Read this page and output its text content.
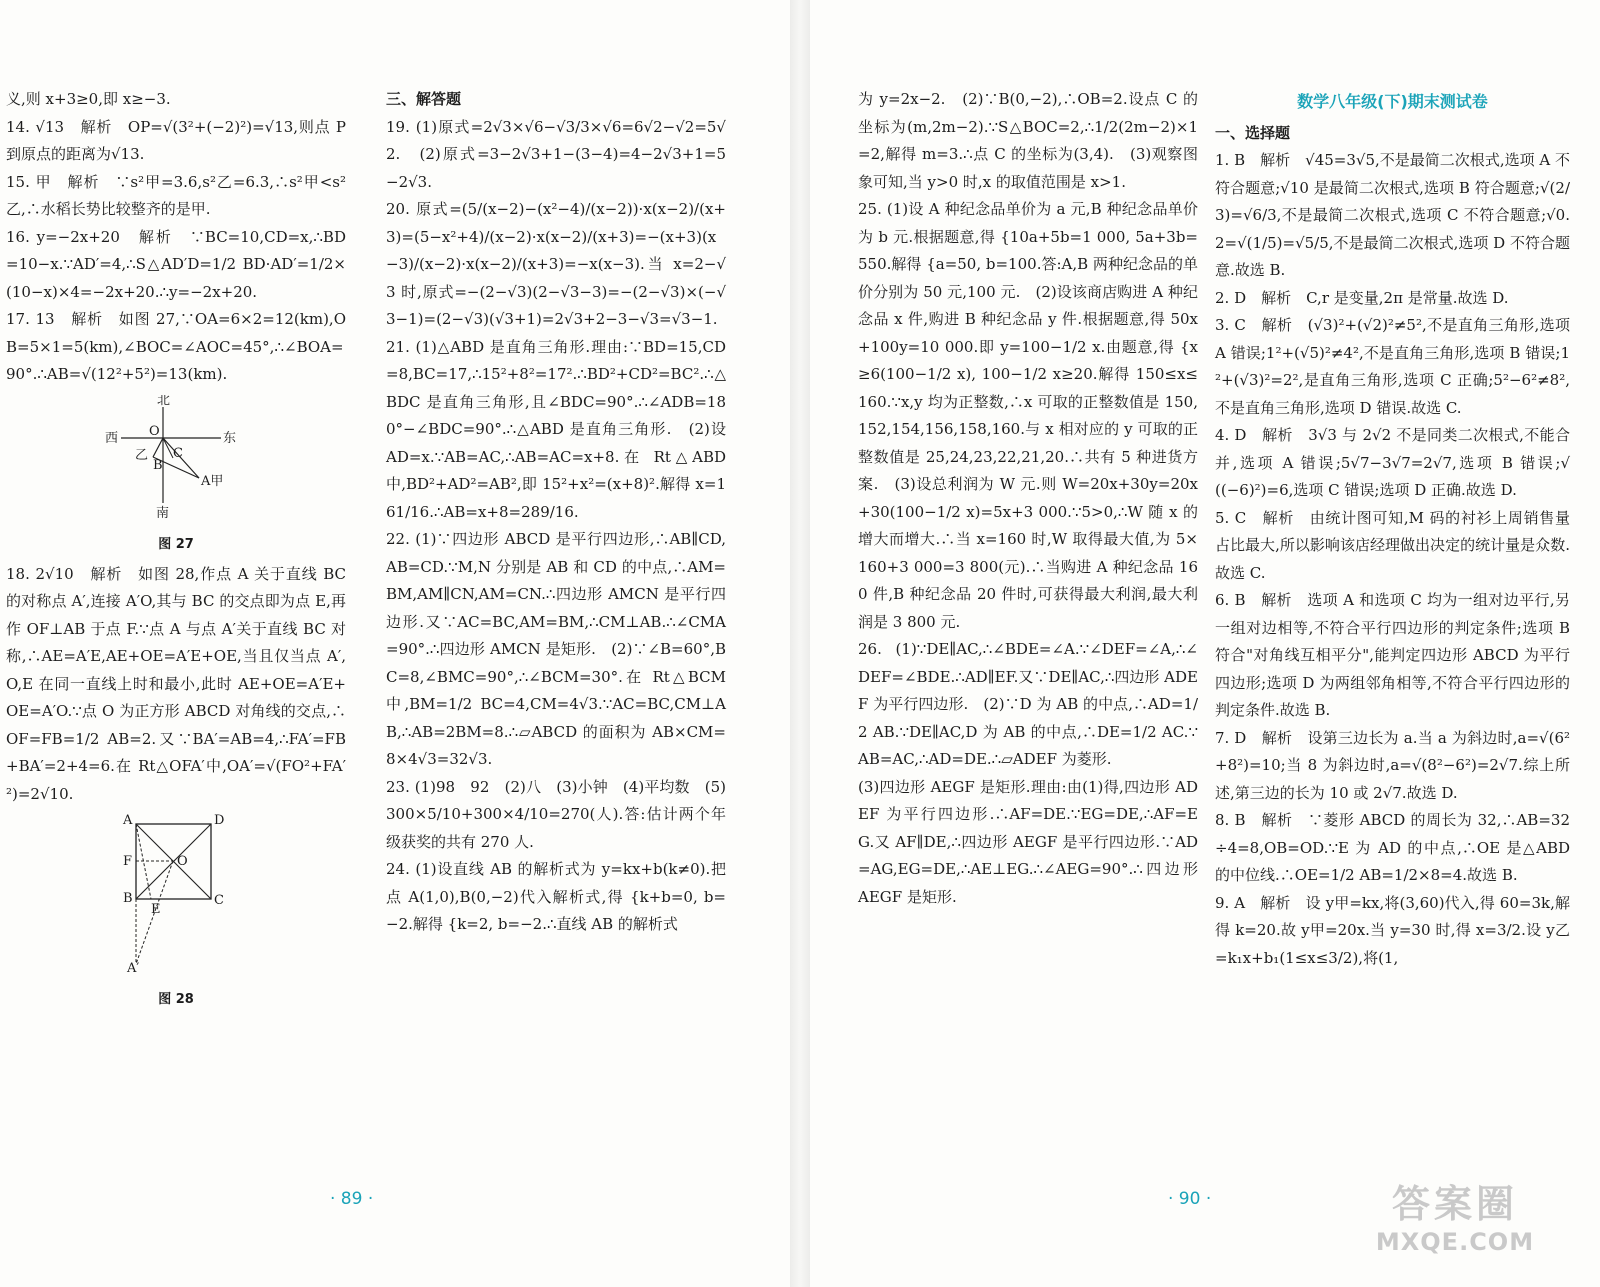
义,则 x+3≥0,即 x≥−3.

14. √13　解析　OP=√(3²+(−2)²)=√13,则点 P 到原点的距离为√13.

15. 甲　解析　∵s²甲=3.6,s²乙=6.3,∴s²甲<s²乙,∴水稻长势比较整齐的是甲.

16. y=−2x+20　解析　∵BC=10,CD=x,∴BD=10−x.∵AD′=4,∴S△AD′D=1/2 BD·AD′=1/2×(10−x)×4=−2x+20.∴y=−2x+20.

17. 13　解析　如图 27,∵OA=6×2=12(km),OB=5×1=5(km),∠BOC=∠AOC=45°,∴∠BOA=90°.∴AB=√(12²+5²)=13(km).

北
南
东
西 O
B
C
乙
A甲
图 27

18. 2√10　解析　如图 28,作点 A 关于直线 BC 的对称点 A′,连接 A′O,其与 BC 的交点即为点 E,再作 OF⊥AB 于点 F.∵点 A 与点 A′关于直线 BC 对称,∴AE=A′E,AE+OE=A′E+OE,当且仅当点 A′,O,E 在同一直线上时和最小,此时 AE+OE=A′E+OE=A′O.∵点 O 为正方形 ABCD 对角线的交点,∴OF=FB=1/2 AB=2.又∵BA′=AB=4,∴FA′=FB+BA′=2+4=6.在 Rt△OFA′中,OA′=√(FO²+FA′²)=2√10.

A	D
B	C
F	O
E
A′
图 28

三、解答题

19. (1)原式=2√3×√6−√3/3×√6=6√2−√2=5√2.　(2)原式=3−2√3+1−(3−4)=4−2√3+1=5−2√3.

20. 原式=(5/(x−2)−(x²−4)/(x−2))·x(x−2)/(x+3)=(5−x²+4)/(x−2)·x(x−2)/(x+3)=−(x+3)(x−3)/(x−2)·x(x−2)/(x+3)=−x(x−3).当 x=2−√3 时,原式=−(2−√3)(2−√3−3)=−(2−√3)×(−√3−1)=(2−√3)(√3+1)=2√3+2−3−√3=√3−1.

21. (1)△ABD 是直角三角形.理由:∵BD=15,CD=8,BC=17,∴15²+8²=17².∴BD²+CD²=BC².∴△BDC 是直角三角形,且∠BDC=90°.∴∠ADB=180°−∠BDC=90°.∴△ABD 是直角三角形.　(2)设 AD=x.∵AB=AC,∴AB=AC=x+8.在 Rt△ABD 中,BD²+AD²=AB²,即 15²+x²=(x+8)².解得 x=161/16.∴AB=x+8=289/16.

22. (1)∵四边形 ABCD 是平行四边形,∴AB∥CD,AB=CD.∵M,N 分别是 AB 和 CD 的中点,∴AM=BM,AM∥CN,AM=CN.∴四边形 AMCN 是平行四边形.又∵AC=BC,AM=BM,∴CM⊥AB.∴∠CMA=90°.∴四边形 AMCN 是矩形.　(2)∵∠B=60°,BC=8,∠BMC=90°,∴∠BCM=30°.在 Rt△BCM 中,BM=1/2 BC=4,CM=4√3.∵AC=BC,CM⊥AB,∴AB=2BM=8.∴▱ABCD 的面积为 AB×CM=8×4√3=32√3.

23. (1)98　92　(2)八　(3)小钟　(4)平均数　(5)300×5/10+300×4/10=270(人).答:估计两个年级获奖的共有 270 人.

24. (1)设直线 AB 的解析式为 y=kx+b(k≠0).把点 A(1,0),B(0,−2)代入解析式,得 {k+b=0, b=−2.解得 {k=2, b=−2.∴直线 AB 的解析式

· 89 ·

为 y=2x−2.　(2)∵B(0,−2),∴OB=2.设点 C 的坐标为(m,2m−2).∵S△BOC=2,∴1/2(2m−2)×1=2,解得 m=3.∴点 C 的坐标为(3,4).　(3)观察图象可知,当 y>0 时,x 的取值范围是 x>1.

25. (1)设 A 种纪念品单价为 a 元,B 种纪念品单价为 b 元.根据题意,得 {10a+5b=1 000, 5a+3b=550.解得 {a=50, b=100.答:A,B 两种纪念品的单价分别为 50 元,100 元.　(2)设该商店购进 A 种纪念品 x 件,购进 B 种纪念品 y 件.根据题意,得 50x+100y=10 000.即 y=100−1/2 x.由题意,得 {x≥6(100−1/2 x), 100−1/2 x≥20.解得 150≤x≤160.∵x,y 均为正整数,∴x 可取的正整数值是 150,152,154,156,158,160.与 x 相对应的 y 可取的正整数值是 25,24,23,22,21,20.∴共有 5 种进货方案.　(3)设总利润为 W 元.则 W=20x+30y=20x+30(100−1/2 x)=5x+3 000.∵5>0,∴W 随 x 的增大而增大.∴当 x=160 时,W 取得最大值,为 5×160+3 000=3 800(元).∴当购进 A 种纪念品 160 件,B 种纪念品 20 件时,可获得最大利润,最大利润是 3 800 元.

26. (1)∵DE∥AC,∴∠BDE=∠A.∵∠DEF=∠A,∴∠DEF=∠BDE.∴AD∥EF.又∵DE∥AC,∴四边形 ADEF 为平行四边形.　(2)∵D 为 AB 的中点,∴AD=1/2 AB.∵DE∥AC,D 为 AB 的中点,∴DE=1/2 AC.∵AB=AC,∴AD=DE.∴▱ADEF 为菱形.

(3)四边形 AEGF 是矩形.理由:由(1)得,四边形 ADEF 为平行四边形.∴AF=DE.∵EG=DE,∴AF=EG.又 AF∥DE,∴四边形 AEGF 是平行四边形.∵AD=AG,EG=DE,∴AE⊥EG.∴∠AEG=90°.∴四边形 AEGF 是矩形.

数学八年级(下)期末测试卷

一、选择题

1. B　解析　√45=3√5,不是最简二次根式,选项 A 不符合题意;√10 是最简二次根式,选项 B 符合题意;√(2/3)=√6/3,不是最简二次根式,选项 C 不符合题意;√0.2=√(1/5)=√5/5,不是最简二次根式,选项 D 不符合题意.故选 B.

2. D　解析　C,r 是变量,2π 是常量.故选 D.

3. C　解析　(√3)²+(√2)²≠5²,不是直角三角形,选项 A 错误;1²+(√5)²≠4²,不是直角三角形,选项 B 错误;1²+(√3)²=2²,是直角三角形,选项 C 正确;5²−6²≠8²,不是直角三角形,选项 D 错误.故选 C.

4. D　解析　3√3 与 2√2 不是同类二次根式,不能合并,选项 A 错误;5√7−3√7=2√7,选项 B 错误;√((−6)²)=6,选项 C 错误;选项 D 正确.故选 D.

5. C　解析　由统计图可知,M 码的衬衫上周销售量占比最大,所以影响该店经理做出决定的统计量是众数.故选 C.

6. B　解析　选项 A 和选项 C 均为一组对边平行,另一组对边相等,不符合平行四边形的判定条件;选项 B 符合"对角线互相平分",能判定四边形 ABCD 为平行四边形;选项 D 为两组邻角相等,不符合平行四边形的判定条件.故选 B.

7. D　解析　设第三边长为 a.当 a 为斜边时,a=√(6²+8²)=10;当 8 为斜边时,a=√(8²−6²)=2√7.综上所述,第三边的长为 10 或 2√7.故选 D.

8. B　解析　∵菱形 ABCD 的周长为 32,∴AB=32÷4=8,OB=OD.∵E 为 AD 的中点,∴OE 是△ABD 的中位线.∴OE=1/2 AB=1/2×8=4.故选 B.

9. A　解析　设 y甲=kx,将(3,60)代入,得 60=3k,解得 k=20.故 y甲=20x.当 y=30 时,得 x=3/2.设 y乙=k₁x+b₁(1≤x≤3/2),将(1,

· 90 ·	答案圈
MXQE.COM
